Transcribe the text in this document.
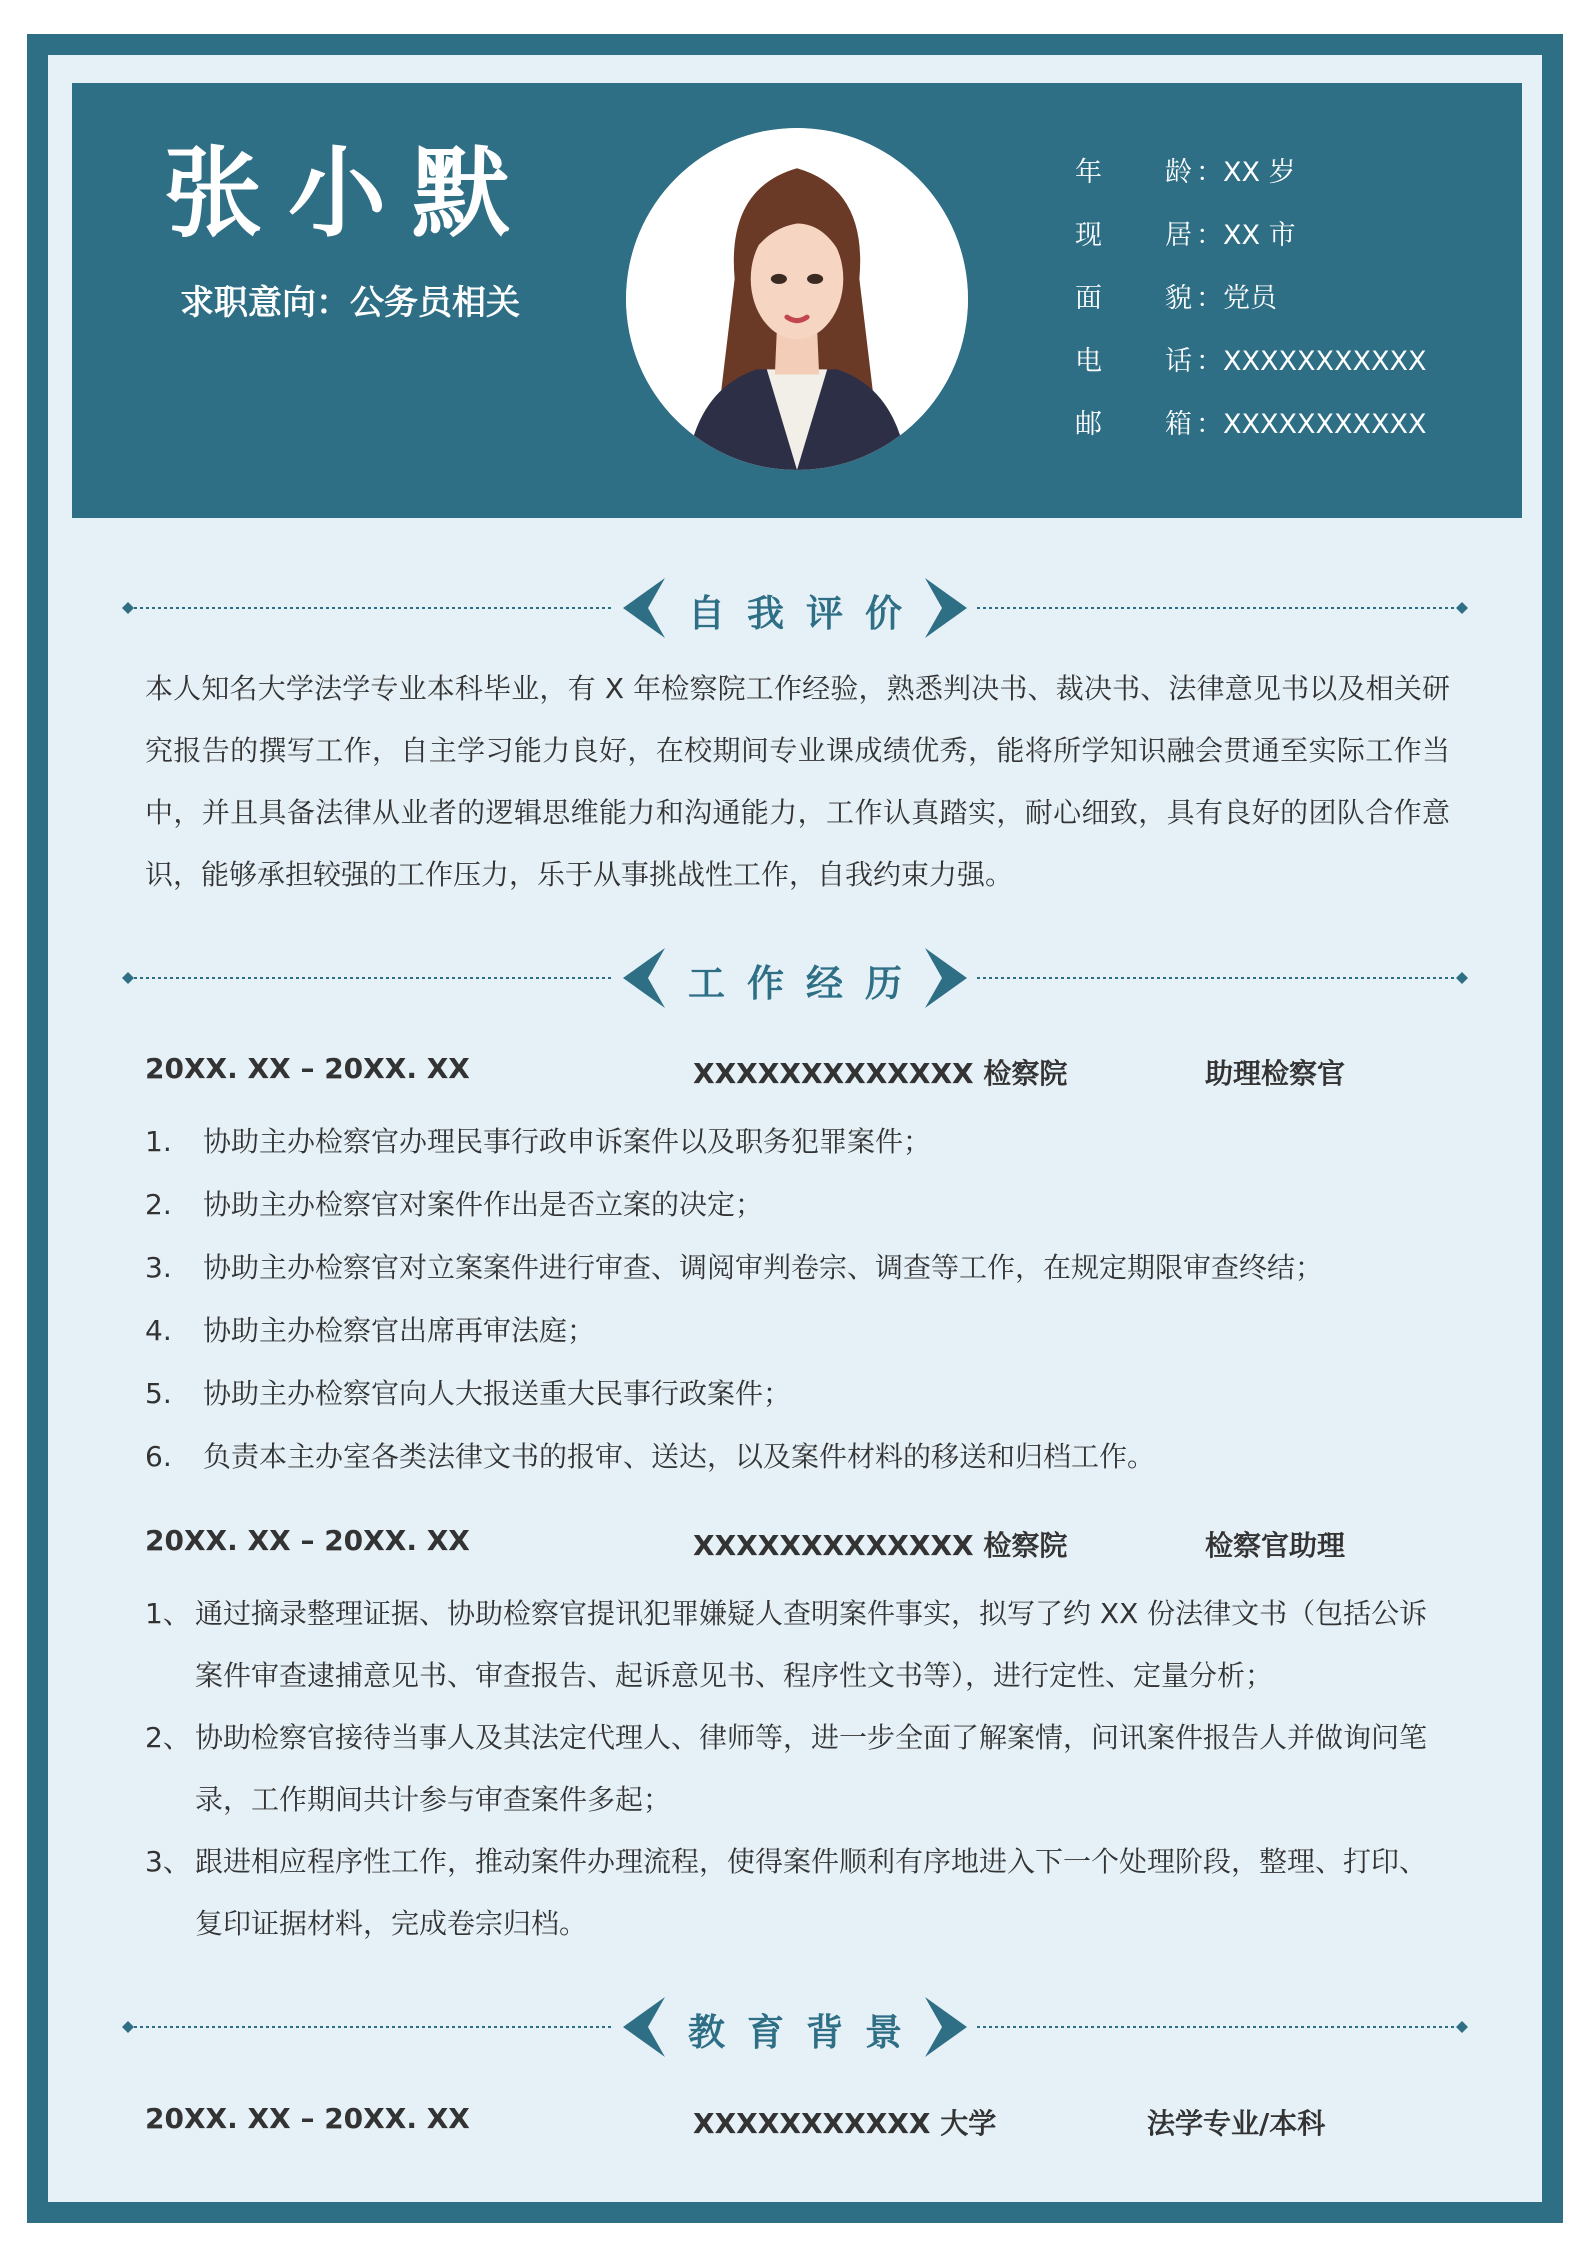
张小默
求职意向：公务员相关
年龄 ：XX 岁
现居 ：XX 市
面貌 ：党员
电话 ：XXXXXXXXXXX
邮箱 ：XXXXXXXXXXX
自我评价
本人知名大学法学专业本科毕业，有 X 年检察院工作经验，熟悉判决书、裁决书、法律意见书以及相关研究报告的撰写工作，自主学习能力良好，在校期间专业课成绩优秀，能将所学知识融会贯通至实际工作当中，并且具备法律从业者的逻辑思维能力和沟通能力，工作认真踏实，耐心细致，具有良好的团队合作意识，能够承担较强的工作压力，乐于从事挑战性工作，自我约束力强。
工作经历
20XX. XX – 20XX. XX	XXXXXXXXXXXXX 检察院	助理检察官
1. 协助主办检察官办理民事行政申诉案件以及职务犯罪案件；
2. 协助主办检察官对案件作出是否立案的决定；
3. 协助主办检察官对立案案件进行审查、调阅审判卷宗、调查等工作，在规定期限审查终结；
4. 协助主办检察官出席再审法庭；
5. 协助主办检察官向人大报送重大民事行政案件；
6. 负责本主办室各类法律文书的报审、送达，以及案件材料的移送和归档工作。
20XX. XX – 20XX. XX	XXXXXXXXXXXXX 检察院	检察官助理
1、 通过摘录整理证据、协助检察官提讯犯罪嫌疑人查明案件事实，拟写了约 XX 份法律文书（包括公诉案件审查逮捕意见书、审查报告、起诉意见书、程序性文书等），进行定性、定量分析；
2、 协助检察官接待当事人及其法定代理人、律师等，进一步全面了解案情，问讯案件报告人并做询问笔录，工作期间共计参与审查案件多起；
3、 跟进相应程序性工作，推动案件办理流程，使得案件顺利有序地进入下一个处理阶段，整理、打印、复印证据材料，完成卷宗归档。
教育背景
20XX. XX – 20XX. XX	XXXXXXXXXXX 大学	法学专业/本科
